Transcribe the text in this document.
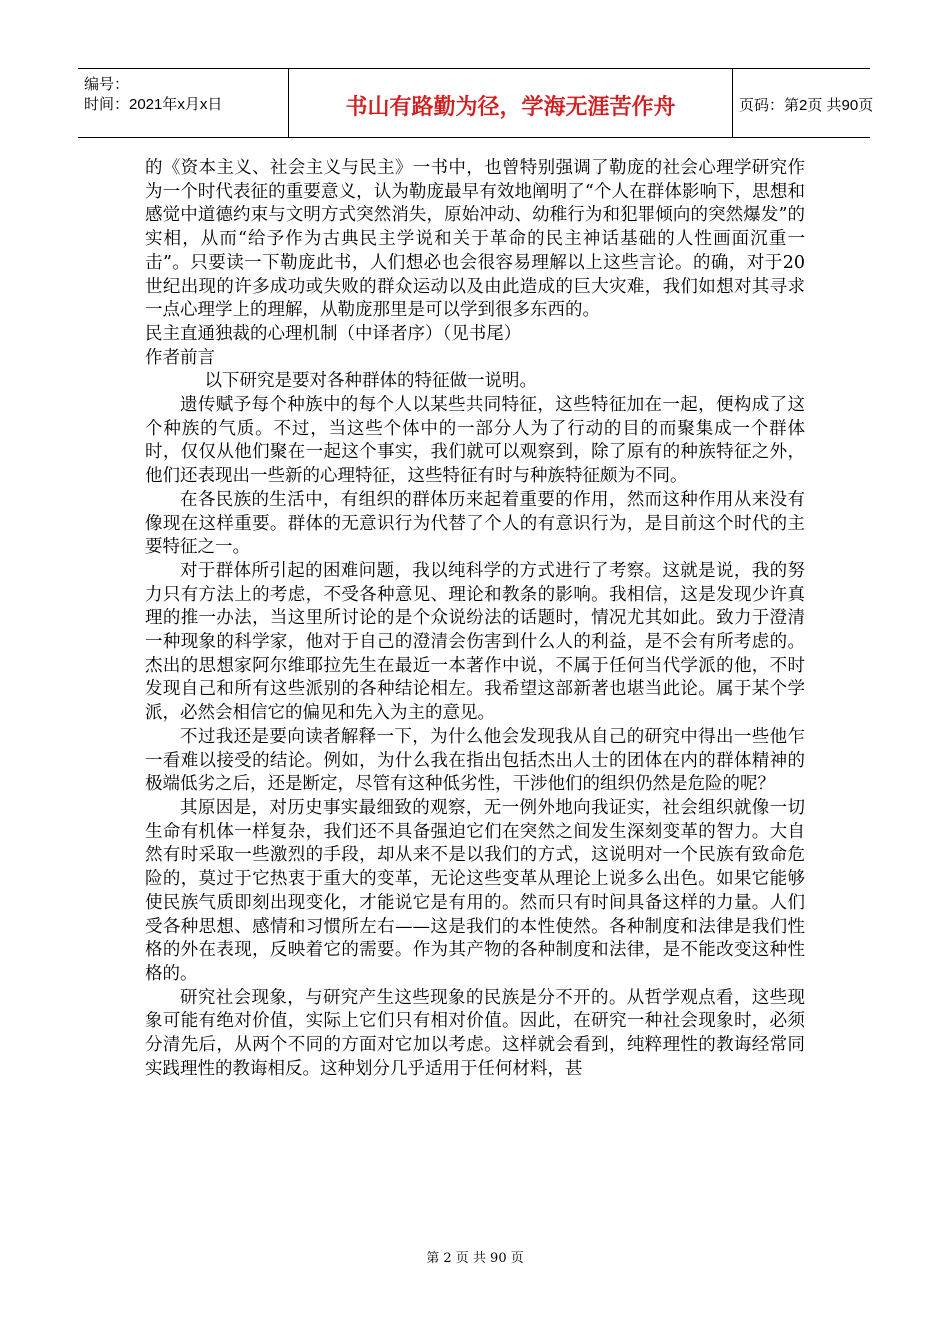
编号：
时间：2021年x月x日	书山有路勤为径，学海无涯苦作舟	页码：第2页 共90页

的《资本主义、社会主义与民主》一书中，也曾特别强调了勒庞的社会心理学研究作为一个时代表征的重要意义，认为勒庞最早有效地阐明了“个人在群体影响下，思想和感觉中道德约束与文明方式突然消失，原始冲动、幼稚行为和犯罪倾向的突然爆发”的实相，从而“给予作为古典民主学说和关于革命的民主神话基础的人性画面沉重一击”。只要读一下勒庞此书，人们想必也会很容易理解以上这些言论。的确，对于20世纪出现的许多成功或失败的群众运动以及由此造成的巨大灾难，我们如想对其寻求一点心理学上的理解，从勒庞那里是可以学到很多东西的。

民主直通独裁的心理机制（中译者序）（见书尾）

作者前言

以下研究是要对各种群体的特征做一说明。

遗传赋予每个种族中的每个人以某些共同特征，这些特征加在一起，便构成了这个种族的气质。不过，当这些个体中的一部分人为了行动的目的而聚集成一个群体时，仅仅从他们聚在一起这个事实，我们就可以观察到，除了原有的种族特征之外，他们还表现出一些新的心理特征，这些特征有时与种族特征颇为不同。

在各民族的生活中，有组织的群体历来起着重要的作用，然而这种作用从来没有像现在这样重要。群体的无意识行为代替了个人的有意识行为，是目前这个时代的主要特征之一。

对于群体所引起的困难问题，我以纯科学的方式进行了考察。这就是说，我的努力只有方法上的考虑，不受各种意见、理论和教条的影响。我相信，这是发现少许真理的推一办法，当这里所讨论的是个众说纷法的话题时，情况尤其如此。致力于澄清一种现象的科学家，他对于自己的澄清会伤害到什么人的利益，是不会有所考虑的。杰出的思想家阿尔维耶拉先生在最近一本著作中说，不属于任何当代学派的他，不时发现自己和所有这些派别的各种结论相左。我希望这部新著也堪当此论。属于某个学派，必然会相信它的偏见和先入为主的意见。

不过我还是要向读者解释一下，为什么他会发现我从自己的研究中得出一些他乍一看难以接受的结论。例如，为什么我在指出包括杰出人士的团体在内的群体精神的极端低劣之后，还是断定，尽管有这种低劣性，干涉他们的组织仍然是危险的呢？

其原因是，对历史事实最细致的观察，无一例外地向我证实，社会组织就像一切生命有机体一样复杂，我们还不具备强迫它们在突然之间发生深刻变革的智力。大自然有时采取一些激烈的手段，却从来不是以我们的方式，这说明对一个民族有致命危险的，莫过于它热衷于重大的变革，无论这些变革从理论上说多么出色。如果它能够使民族气质即刻出现变化，才能说它是有用的。然而只有时间具备这样的力量。人们受各种思想、感情和习惯所左右——这是我们的本性使然。各种制度和法律是我们性格的外在表现，反映着它的需要。作为其产物的各种制度和法律，是不能改变这种性格的。

研究社会现象，与研究产生这些现象的民族是分不开的。从哲学观点看，这些现象可能有绝对价值，实际上它们只有相对价值。因此，在研究一种社会现象时，必须分清先后，从两个不同的方面对它加以考虑。这样就会看到，纯粹理性的教诲经常同实践理性的教诲相反。这种划分几乎适用于任何材料，甚

第 2 页 共 90 页
